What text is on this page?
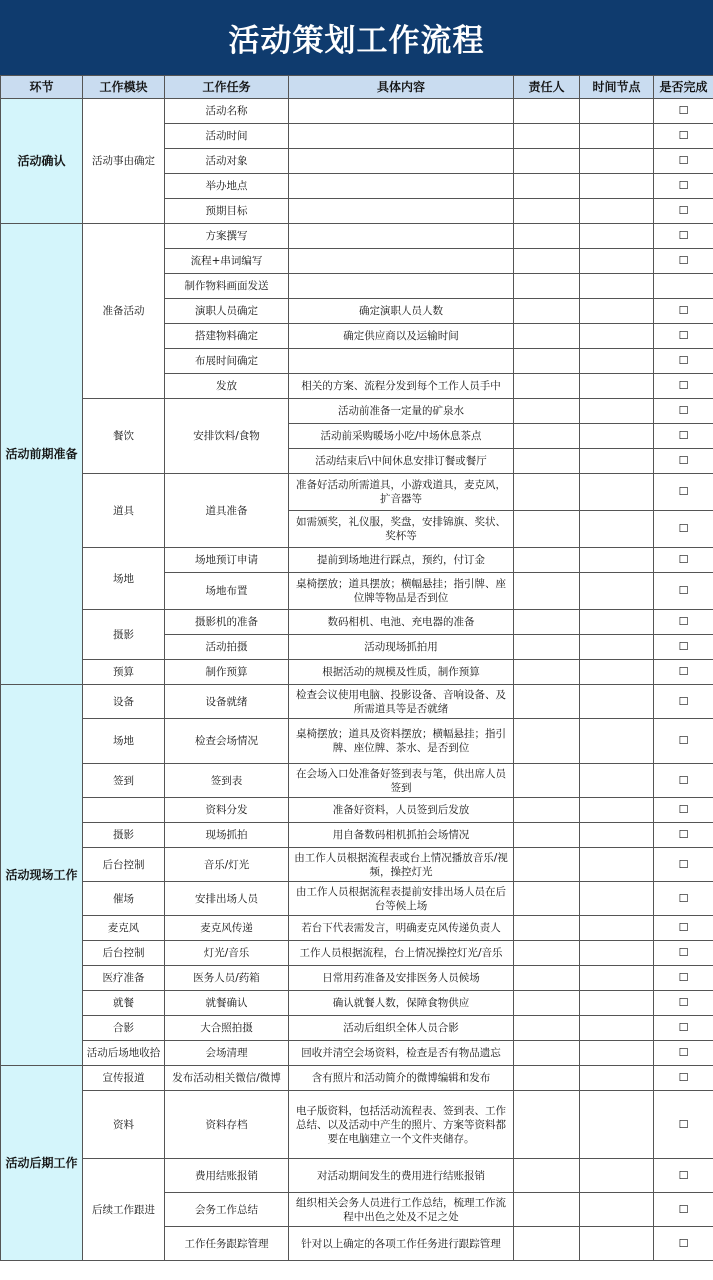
活动策划工作流程
环节	工作模块	工作任务	具体内容	责任人	时间节点	是否完成
活动确认	活动事由确定	活动名称				☐
		活动时间				☐
		活动对象				☐
		举办地点				☐
		预期目标				☐
活动前期准备	准备活动	方案撰写				☐
		流程+串词编写				☐
		制作物料画面发送				
		演职人员确定	确定演职人员人数			☐
		搭建物料确定	确定供应商以及运输时间			☐
		布展时间确定				☐
		发放	相关的方案、流程分发到每个工作人员手中			☐
	餐饮	安排饮料/食物	活动前准备一定量的矿泉水			☐
			活动前采购暖场小吃/中场休息茶点			☐
			活动结束后\中间休息安排订餐或餐厅			☐
	道具	道具准备	准备好活动所需道具，小游戏道具，麦克风，扩音器等			☐
			如需颁奖，礼仪服，奖盘，安排锦旗、奖状、奖杯等			☐
	场地	场地预订申请	提前到场地进行踩点，预约，付订金			☐
		场地布置	桌椅摆放；道具摆放；横幅悬挂；指引牌、座位牌等物品是否到位			☐
	摄影	摄影机的准备	数码相机、电池、充电器的准备			☐
		活动拍摄	活动现场抓拍用			☐
	预算	制作预算	根据活动的规模及性质，制作预算			☐
活动现场工作	设备	设备就绪	检查会议使用电脑、投影设备、音响设备、及所需道具等是否就绪			☐
	场地	检查会场情况	桌椅摆放；道具及资料摆放；横幅悬挂；指引牌、座位牌、茶水、是否到位			☐
	签到	签到表	在会场入口处准备好签到表与笔，供出席人员签到			☐
		资料分发	准备好资料，人员签到后发放			☐
	摄影	现场抓拍	用自备数码相机抓拍会场情况			☐
	后台控制	音乐/灯光	由工作人员根据流程表或台上情况播放音乐/视频，操控灯光			☐
	催场	安排出场人员	由工作人员根据流程表提前安排出场人员在后台等候上场			☐
	麦克风	麦克风传递	若台下代表需发言，明确麦克风传递负责人			☐
	后台控制	灯光/音乐	工作人员根据流程，台上情况操控灯光/音乐			☐
	医疗准备	医务人员/药箱	日常用药准备及安排医务人员候场			☐
	就餐	就餐确认	确认就餐人数，保障食物供应			☐
	合影	大合照拍摄	活动后组织全体人员合影			☐
	活动后场地收拾	会场清理	回收并清空会场资料，检查是否有物品遗忘			☐
活动后期工作	宣传报道	发布活动相关微信/微博	含有照片和活动简介的微博编辑和发布			☐
	资料	资料存档	电子版资料，包括活动流程表、签到表、工作总结、以及活动中产生的照片、方案等资料都要在电脑建立一个文件夹储存。			☐
	后续工作跟进	费用结账报销	对活动期间发生的费用进行结账报销			☐
		会务工作总结	组织相关会务人员进行工作总结，梳理工作流程中出色之处及不足之处			☐
		工作任务跟踪管理	针对以上确定的各项工作任务进行跟踪管理			☐
